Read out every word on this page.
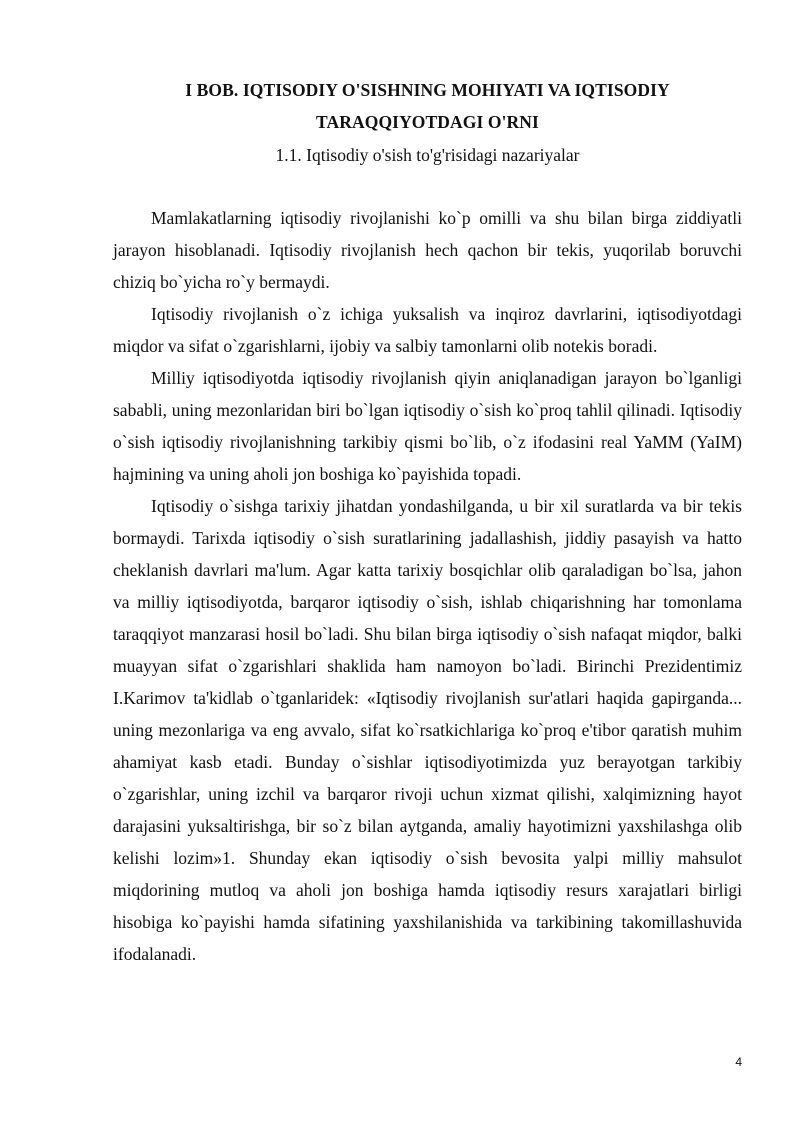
I BOB. IQTISODIY O'SISHNING MOHIYATI VA IQTISODIY
TARAQQIYOTDAGI O'RNI
1.1. Iqtisodiy o'sish to'g'risidagi nazariyalar

Mamlakatlarning iqtisodiy rivojlanishi ko`p omilli va shu bilan birga ziddiyatli jarayon hisoblanadi. Iqtisodiy rivojlanish hech qachon bir tekis, yuqorilab boruvchi chiziq bo`yicha ro`y bermaydi.

Iqtisodiy rivojlanish o`z ichiga yuksalish va inqiroz davrlarini, iqtisodiyotdagi miqdor va sifat o`zgarishlarni, ijobiy va salbiy tamonlarni olib notekis boradi.

Milliy iqtisodiyotda iqtisodiy rivojlanish qiyin aniqlanadigan jarayon bo`lganligi sababli, uning mezonlaridan biri bo`lgan iqtisodiy o`sish ko`proq tahlil qilinadi. Iqtisodiy o`sish iqtisodiy rivojlanishning tarkibiy qismi bo`lib, o`z ifodasini real YaMM (YaIM) hajmining va uning aholi jon boshiga ko`payishida topadi.

Iqtisodiy o`sishga tarixiy jihatdan yondashilganda, u bir xil suratlarda va bir tekis bormaydi. Tarixda iqtisodiy o`sish suratlarining jadallashish, jiddiy pasayish va hatto cheklanish davrlari ma'lum. Agar katta tarixiy bosqichlar olib qaraladigan bo`lsa, jahon va milliy iqtisodiyotda, barqaror iqtisodiy o`sish, ishlab chiqarishning har tomonlama taraqqiyot manzarasi hosil bo`ladi. Shu bilan birga iqtisodiy o`sish nafaqat miqdor, balki muayyan sifat o`zgarishlari shaklida ham namoyon bo`ladi. Birinchi Prezidentimiz I.Karimov ta'kidlab o`tganlaridek: «Iqtisodiy rivojlanish sur'atlari haqida gapirganda... uning mezonlariga va eng avvalo, sifat ko`rsatkichlariga ko`proq e'tibor qaratish muhim ahamiyat kasb etadi. Bunday o`sishlar iqtisodiyotimizda yuz berayotgan tarkibiy o`zgarishlar, uning izchil va barqaror rivoji uchun xizmat qilishi, xalqimizning hayot darajasini yuksaltirishga, bir so`z bilan aytganda, amaliy hayotimizni yaxshilashga olib kelishi lozim»1. Shunday ekan iqtisodiy o`sish bevosita yalpi milliy mahsulot miqdorining mutloq va aholi jon boshiga hamda iqtisodiy resurs xarajatlari birligi hisobiga ko`payishi hamda sifatining yaxshilanishida va tarkibining takomillashuvida ifodalanadi.

4
